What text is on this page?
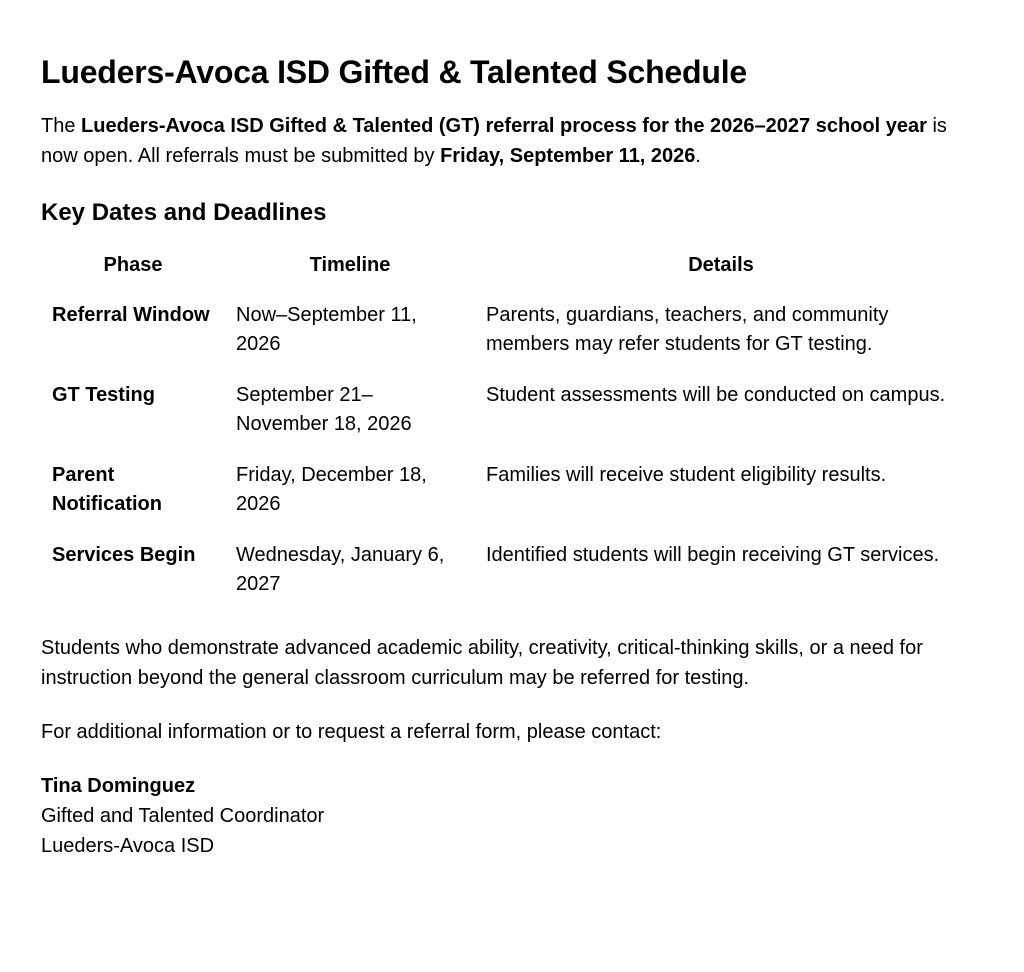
Lueders-Avoca ISD Gifted & Talented Schedule

The Lueders-Avoca ISD Gifted & Talented (GT) referral process for the 2026–2027 school year is now open. All referrals must be submitted by Friday, September 11, 2026.

Key Dates and Deadlines
Phase	Timeline	Details
Referral Window	Now–September 11, 2026	Parents, guardians, teachers, and community members may refer students for GT testing.
GT Testing	September 21–November 18, 2026	Student assessments will be conducted on campus.
Parent Notification	Friday, December 18, 2026	Families will receive student eligibility results.
Services Begin	Wednesday, January 6, 2027	Identified students will begin receiving GT services.

Students who demonstrate advanced academic ability, creativity, critical-thinking skills, or a need for instruction beyond the general classroom curriculum may be referred for testing.

For additional information or to request a referral form, please contact:

Tina Dominguez
Gifted and Talented Coordinator
Lueders-Avoca ISD
